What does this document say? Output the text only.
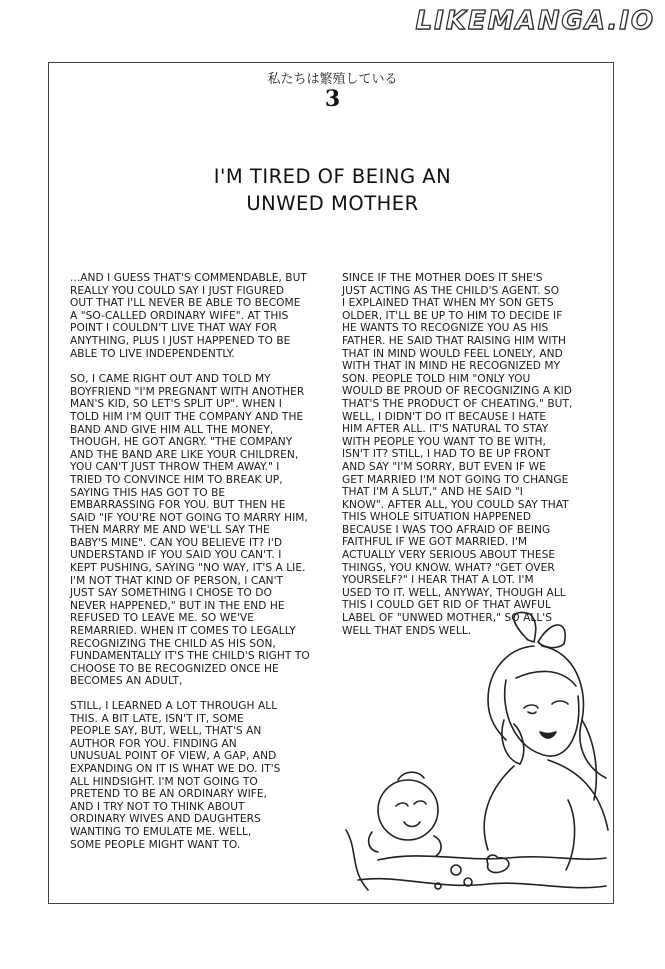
LIKEMANGA.IO
私たちは繁殖している
3
I'M TIRED OF BEING AN
UNWED MOTHER
...AND I GUESS THAT'S COMMENDABLE, BUT
REALLY YOU COULD SAY I JUST FIGURED
OUT THAT I'LL NEVER BE ABLE TO BECOME
A "SO-CALLED ORDINARY WIFE". AT THIS
POINT I COULDN'T LIVE THAT WAY FOR
ANYTHING, PLUS I JUST HAPPENED TO BE
ABLE TO LIVE INDEPENDENTLY.
SO, I CAME RIGHT OUT AND TOLD MY
BOYFRIEND "I'M PREGNANT WITH ANOTHER
MAN'S KID, SO LET'S SPLIT UP". WHEN I
TOLD HIM I'M QUIT THE COMPANY AND THE
BAND AND GIVE HIM ALL THE MONEY,
THOUGH, HE GOT ANGRY. "THE COMPANY
AND THE BAND ARE LIKE YOUR CHILDREN,
YOU CAN'T JUST THROW THEM AWAY." I
TRIED TO CONVINCE HIM TO BREAK UP,
SAYING THIS HAS GOT TO BE
EMBARRASSING FOR YOU. BUT THEN HE
SAID "IF YOU'RE NOT GOING TO MARRY HIM,
THEN MARRY ME AND WE'LL SAY THE
BABY'S MINE". CAN YOU BELIEVE IT? I'D
UNDERSTAND IF YOU SAID YOU CAN'T. I
KEPT PUSHING, SAYING "NO WAY, IT'S A LIE.
I'M NOT THAT KIND OF PERSON, I CAN'T
JUST SAY SOMETHING I CHOSE TO DO
NEVER HAPPENED," BUT IN THE END HE
REFUSED TO LEAVE ME. SO WE'VE
REMARRIED. WHEN IT COMES TO LEGALLY
RECOGNIZING THE CHILD AS HIS SON,
FUNDAMENTALLY IT'S THE CHILD'S RIGHT TO
CHOOSE TO BE RECOGNIZED ONCE HE
BECOMES AN ADULT,
STILL, I LEARNED A LOT THROUGH ALL
THIS. A BIT LATE, ISN'T IT, SOME
PEOPLE SAY, BUT, WELL, THAT'S AN
AUTHOR FOR YOU. FINDING AN
UNUSUAL POINT OF VIEW, A GAP, AND
EXPANDING ON IT IS WHAT WE DO. IT'S
ALL HINDSIGHT. I'M NOT GOING TO
PRETEND TO BE AN ORDINARY WIFE,
AND I TRY NOT TO THINK ABOUT
ORDINARY WIVES AND DAUGHTERS
WANTING TO EMULATE ME. WELL,
SOME PEOPLE MIGHT WANT TO.
SINCE IF THE MOTHER DOES IT SHE'S
JUST ACTING AS THE CHILD'S AGENT. SO
I EXPLAINED THAT WHEN MY SON GETS
OLDER, IT'LL BE UP TO HIM TO DECIDE IF
HE WANTS TO RECOGNIZE YOU AS HIS
FATHER. HE SAID THAT RAISING HIM WITH
THAT IN MIND WOULD FEEL LONELY, AND
WITH THAT IN MIND HE RECOGNIZED MY
SON. PEOPLE TOLD HIM "ONLY YOU
WOULD BE PROUD OF RECOGNIZING A KID
THAT'S THE PRODUCT OF CHEATING." BUT,
WELL, I DIDN'T DO IT BECAUSE I HATE
HIM AFTER ALL. IT'S NATURAL TO STAY
WITH PEOPLE YOU WANT TO BE WITH,
ISN'T IT? STILL, I HAD TO BE UP FRONT
AND SAY "I'M SORRY, BUT EVEN IF WE
GET MARRIED I'M NOT GOING TO CHANGE
THAT I'M A SLUT," AND HE SAID "I
KNOW". AFTER ALL, YOU COULD SAY THAT
THIS WHOLE SITUATION HAPPENED
BECAUSE I WAS TOO AFRAID OF BEING
FAITHFUL IF WE GOT MARRIED. I'M
ACTUALLY VERY SERIOUS ABOUT THESE
THINGS, YOU KNOW. WHAT? "GET OVER
YOURSELF?" I HEAR THAT A LOT. I'M
USED TO IT. WELL, ANYWAY, THOUGH ALL
THIS I COULD GET RID OF THAT AWFUL
LABEL OF "UNWED MOTHER," SO ALL'S
WELL THAT ENDS WELL.
